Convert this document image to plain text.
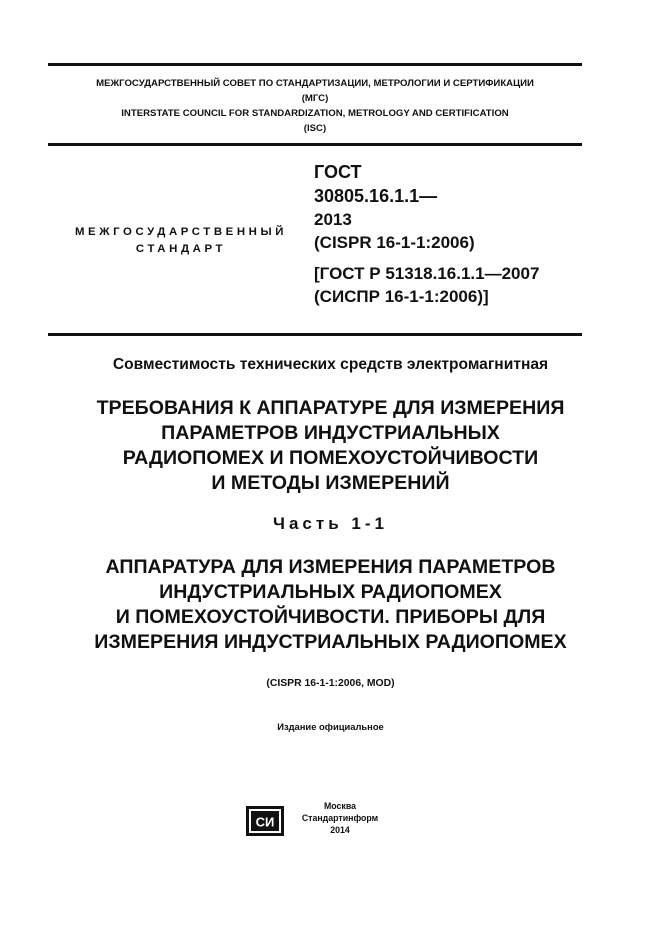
МЕЖГОСУДАРСТВЕННЫЙ СОВЕТ ПО СТАНДАРТИЗАЦИИ, МЕТРОЛОГИИ И СЕРТИФИКАЦИИ
(МГС)
INTERSTATE COUNCIL FOR STANDARDIZATION, METROLOGY AND CERTIFICATION
(ISC)
МЕЖГОСУДАРСТВЕННЫЙ
СТАНДАРТ
ГОСТ
30805.16.1.1—
2013
(CISPR 16-1-1:2006)
[ГОСТ Р 51318.16.1.1—2007
(СИСПР 16-1-1:2006)]
Совместимость технических средств электромагнитная
ТРЕБОВАНИЯ К АППАРАТУРЕ ДЛЯ ИЗМЕРЕНИЯ
ПАРАМЕТРОВ ИНДУСТРИАЛЬНЫХ
РАДИОПОМЕХ И ПОМЕХОУСТОЙЧИВОСТИ
И МЕТОДЫ ИЗМЕРЕНИЙ
Часть 1-1
АППАРАТУРА ДЛЯ ИЗМЕРЕНИЯ ПАРАМЕТРОВ
ИНДУСТРИАЛЬНЫХ РАДИОПОМЕХ
И ПОМЕХОУСТОЙЧИВОСТИ. ПРИБОРЫ ДЛЯ
ИЗМЕРЕНИЯ ИНДУСТРИАЛЬНЫХ РАДИОПОМЕХ
(CISPR 16-1-1:2006, MOD)
Издание официальное
СИ
Москва
Стандартинформ
2014
